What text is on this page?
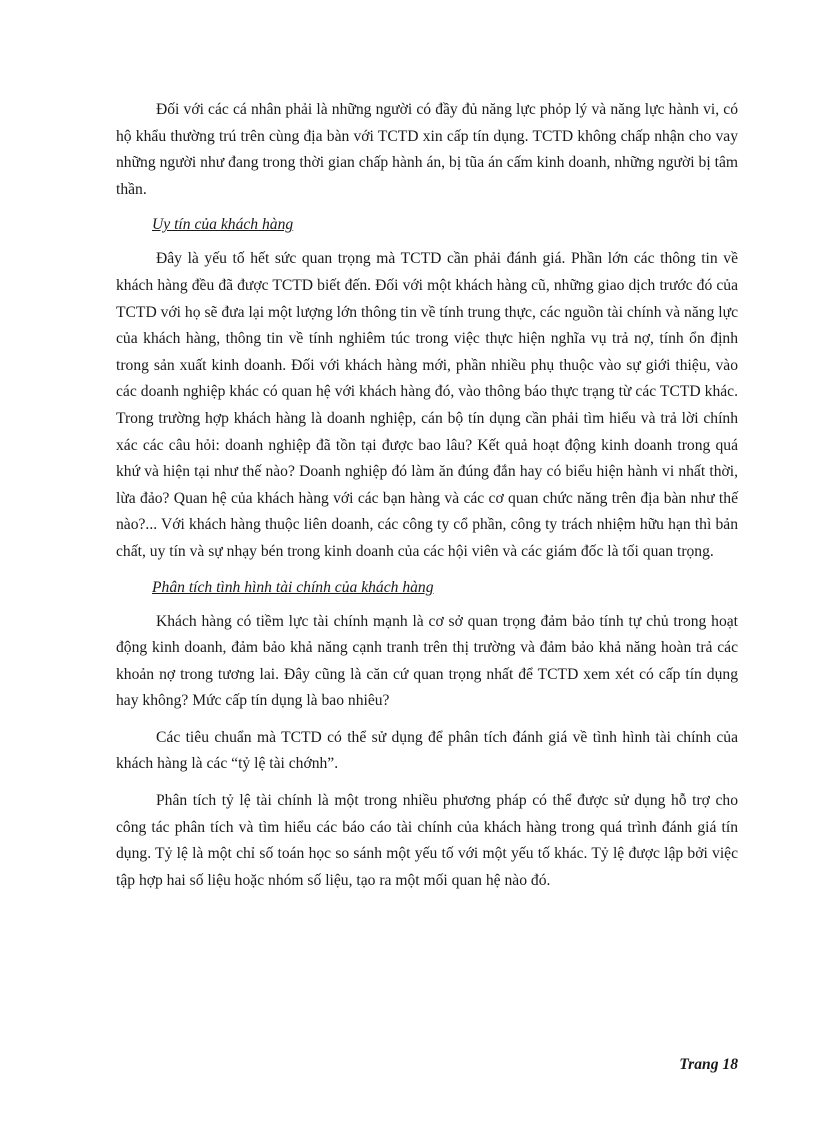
Đối với các cá nhân phải là những người có đầy đủ năng lực phỏp lý và năng lực hành vi, có hộ khẩu thường trú trên cùng địa bàn với TCTD xin cấp tín dụng. TCTD không chấp nhận cho vay những người như đang trong thời gian chấp hành án, bị tũa án cấm kinh doanh, những người bị tâm thần.

Uy tín của khách hàng

Đây là yếu tố hết sức quan trọng mà TCTD cần phải đánh giá. Phần lớn các thông tin về khách hàng đều đã được TCTD biết đến. Đối với một khách hàng cũ, những giao dịch trước đó của TCTD với họ sẽ đưa lại một lượng lớn thông tin về tính trung thực, các nguồn tài chính và năng lực của khách hàng, thông tin về tính nghiêm túc trong việc thực hiện nghĩa vụ trả nợ, tính ổn định trong sản xuất kinh doanh. Đối với khách hàng mới, phần nhiều phụ thuộc vào sự giới thiệu, vào các doanh nghiệp khác có quan hệ với khách hàng đó, vào thông báo thực trạng từ các TCTD khác. Trong trường hợp khách hàng là doanh nghiệp, cán bộ tín dụng cần phải tìm hiểu và trả lời chính xác các câu hỏi: doanh nghiệp đã tồn tại được bao lâu? Kết quả hoạt động kinh doanh trong quá khứ và hiện tại như thế nào? Doanh nghiệp đó làm ăn đúng đắn hay có biểu hiện hành vi nhất thời, lừa đảo? Quan hệ của khách hàng với các bạn hàng và các cơ quan chức năng trên địa bàn như thế nào?... Với khách hàng thuộc liên doanh, các công ty cổ phần, công ty trách nhiệm hữu hạn thì bản chất, uy tín và sự nhạy bén trong kinh doanh của các hội viên và các giám đốc là tối quan trọng.

Phân tích tình hình tài chính của khách hàng

Khách hàng có tiềm lực tài chính mạnh là cơ sở quan trọng đảm bảo tính tự chủ trong hoạt động kinh doanh, đảm bảo khả năng cạnh tranh trên thị trường và đảm bảo khả năng hoàn trả các khoản nợ trong tương lai. Đây cũng là căn cứ quan trọng nhất để TCTD xem xét có cấp tín dụng hay không? Mức cấp tín dụng là bao nhiêu?

Các tiêu chuẩn mà TCTD có thể sử dụng để phân tích đánh giá về tình hình tài chính của khách hàng là các “tỷ lệ tài chớnh”.

Phân tích tỷ lệ tài chính là một trong nhiều phương pháp có thể được sử dụng hỗ trợ cho công tác phân tích và tìm hiểu các báo cáo tài chính của khách hàng trong quá trình đánh giá tín dụng. Tỷ lệ là một chỉ số toán học so sánh một yếu tố với một yếu tố khác. Tỷ lệ được lập bởi việc tập hợp hai số liệu hoặc nhóm số liệu, tạo ra một mối quan hệ nào đó.

Trang 18
